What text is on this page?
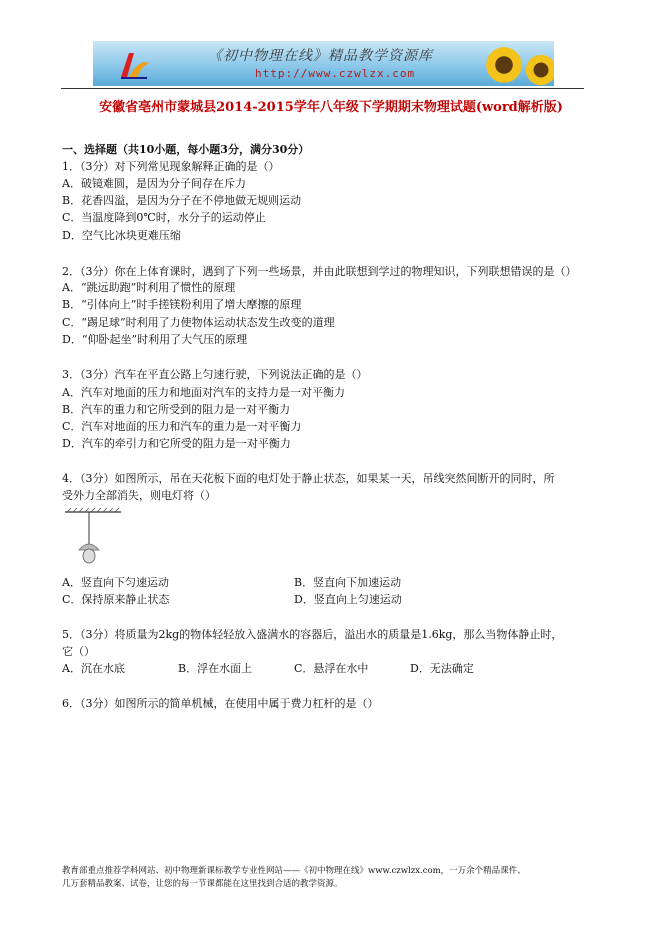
《初中物理在线》精品教学资源库
http://www.czwlzx.com
安徽省亳州市蒙城县2014-2015学年八年级下学期期末物理试题(word解析版)
一、选择题（共10小题，每小题3分，满分30分）
1．（3分）对下列常见现象解释正确的是（）
A．破镜难圆，是因为分子间存在斥力
B．花香四溢，是因为分子在不停地做无规则运动
C．当温度降到0℃时，水分子的运动停止
D．空气比冰块更难压缩
2．（3分）你在上体育课时，遇到了下列一些场景，并由此联想到学过的物理知识，下列联想错误的是（）
A．“跳远助跑”时利用了惯性的原理
B．“引体向上”时手搓镁粉利用了增大摩擦的原理
C．“踢足球”时利用了力使物体运动状态发生改变的道理
D．“仰卧起坐”时利用了大气压的原理
3．（3分）汽车在平直公路上匀速行驶，下列说法正确的是（）
A．汽车对地面的压力和地面对汽车的支持力是一对平衡力
B．汽车的重力和它所受到的阻力是一对平衡力
C．汽车对地面的压力和汽车的重力是一对平衡力
D．汽车的牵引力和它所受的阻力是一对平衡力
4．（3分）如图所示，吊在天花板下面的电灯处于静止状态，如果某一天，吊线突然间断开的同时，所
受外力全部消失，则电灯将（）
A．竖直向下匀速运动	B．竖直向下加速运动
C．保持原来静止状态	D．竖直向上匀速运动
5．（3分）将质量为2kg的物体轻轻放入盛满水的容器后，溢出水的质量是1.6kg，那么当物体静止时，
它（）
A．沉在水底	B．浮在水面上	C．悬浮在水中	D．无法确定
6．（3分）如图所示的简单机械，在使用中属于费力杠杆的是（）
教育部重点推荐学科网站、初中物理新课标教学专业性网站——《初中物理在线》www.czwlzx.com，一万余个精品课件、
几万套精品教案、试卷，让您的每一节课都能在这里找到合适的教学资源。
